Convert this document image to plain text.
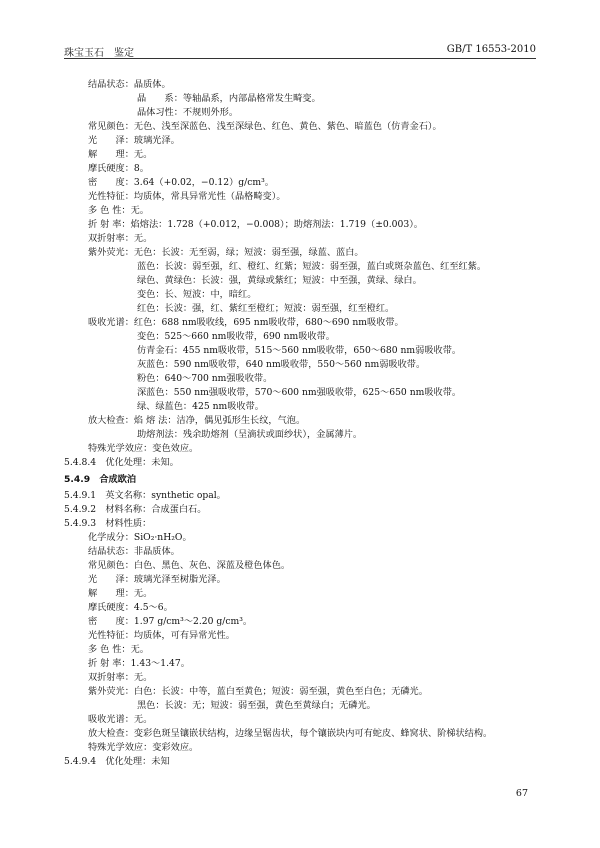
珠宝玉石　鉴定	GB/T 16553-2010
结晶状态：晶质体。
晶　　系：等轴晶系，内部晶格常发生畸变。
晶体习性：不规则外形。
常见颜色：无色、浅至深蓝色、浅至深绿色、红色、黄色、紫色、暗蓝色（仿青金石）。
光　　泽：玻璃光泽。
解　　理：无。
摩氏硬度：8。
密　　度：3.64（+0.02，−0.12）g/cm³。
光性特征：均质体，常具异常光性（晶格畸变）。
多 色 性：无。
折 射 率：焰熔法：1.728（+0.012，−0.008）；助熔剂法：1.719（±0.003）。
双折射率：无。
紫外荧光：无色：长波：无至弱，绿；短波：弱至强，绿蓝、蓝白。
蓝色：长波：弱至强，红、橙红、红紫；短波：弱至强，蓝白或斑杂蓝色、红至红紫。
绿色、黄绿色：长波：强，黄绿或紫红；短波：中至强，黄绿、绿白。
变色：长、短波：中，暗红。
红色：长波：强，红、紫红至橙红；短波：弱至强，红至橙红。
吸收光谱：红色：688 nm吸收线，695 nm吸收带，680～690 nm吸收带。
变色：525～660 nm吸收带，690 nm吸收带。
仿青金石：455 nm吸收带，515～560 nm吸收带，650～680 nm弱吸收带。
灰蓝色：590 nm吸收带，640 nm吸收带，550～560 nm弱吸收带。
粉色：640～700 nm强吸收带。
深蓝色：550 nm强吸收带，570～600 nm强吸收带，625～650 nm吸收带。
绿、绿蓝色：425 nm吸收带。
放大检查：焰 熔 法：洁净，偶见弧形生长纹，气泡。
助熔剂法：残余助熔剂（呈滴状或面纱状），金属薄片。
特殊光学效应：变色效应。
5.4.8.4　优化处理：未知。
5.4.9　合成欧泊
5.4.9.1　英文名称：synthetic opal。
5.4.9.2　材料名称：合成蛋白石。
5.4.9.3　材料性质：
化学成分：SiO₂·nH₂O。
结晶状态：非晶质体。
常见颜色：白色、黑色、灰色、深蓝及橙色体色。
光　　泽：玻璃光泽至树脂光泽。
解　　理：无。
摩氏硬度：4.5～6。
密　　度：1.97 g/cm³～2.20 g/cm³。
光性特征：均质体，可有异常光性。
多 色 性：无。
折 射 率：1.43～1.47。
双折射率：无。
紫外荧光：白色：长波：中等，蓝白至黄色；短波：弱至强，黄色至白色；无磷光。
黑色：长波：无；短波：弱至强，黄色至黄绿白；无磷光。
吸收光谱：无。
放大检查：变彩色斑呈镶嵌状结构，边缘呈锯齿状，每个镶嵌块内可有蛇皮、蜂窝状、阶梯状结构。
特殊光学效应：变彩效应。
5.4.9.4　优化处理：未知
67
